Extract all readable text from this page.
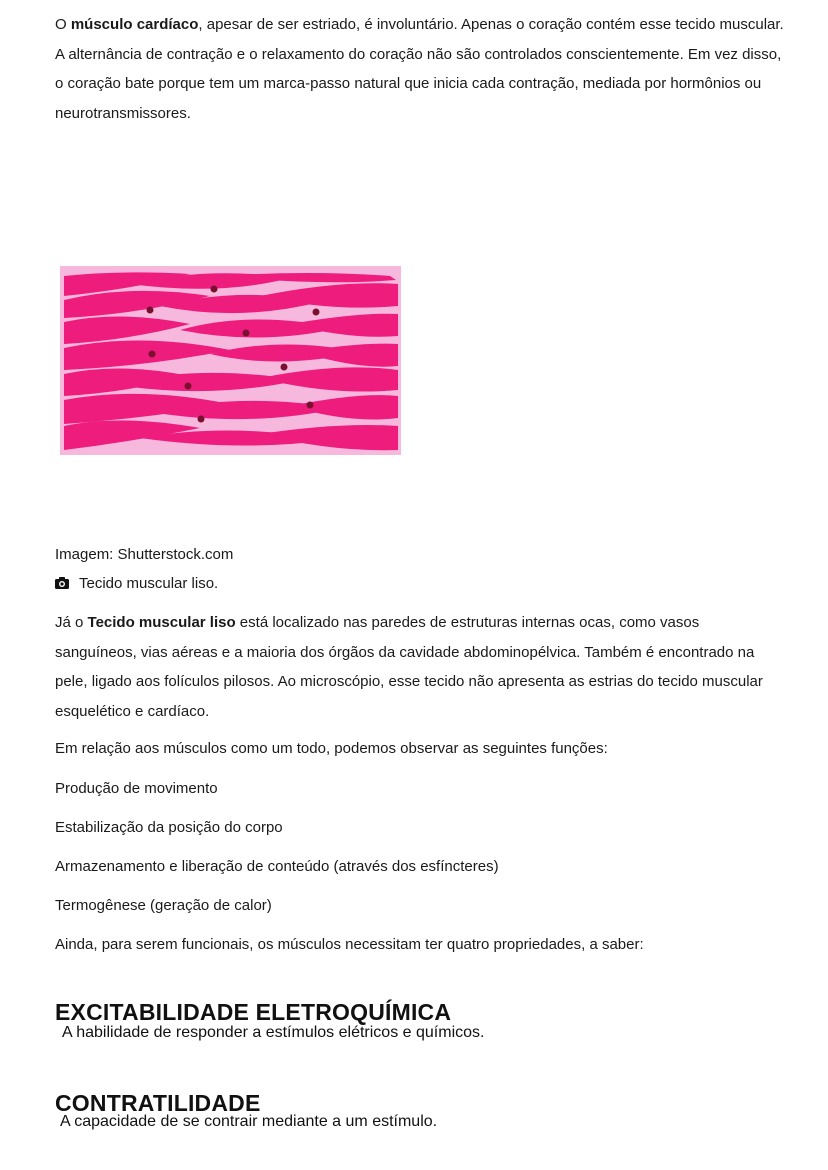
O músculo cardíaco, apesar de ser estriado, é involuntário. Apenas o coração contém esse tecido muscular. A alternância de contração e o relaxamento do coração não são controlados conscientemente. Em vez disso, o coração bate porque tem um marca-passo natural que inicia cada contração, mediada por hormônios ou neurotransmissores.

Imagem: Shutterstock.com
Tecido muscular liso.

Já o Tecido muscular liso está localizado nas paredes de estruturas internas ocas, como vasos sanguíneos, vias aéreas e a maioria dos órgãos da cavidade abdominopélvica. Também é encontrado na pele, ligado aos folículos pilosos. Ao microscópio, esse tecido não apresenta as estrias do tecido muscular esquelético e cardíaco.

Em relação aos músculos como um todo, podemos observar as seguintes funções:

Produção de movimento

Estabilização da posição do corpo

Armazenamento e liberação de conteúdo (através dos esfíncteres)

Termogênese (geração de calor)

Ainda, para serem funcionais, os músculos necessitam ter quatro propriedades, a saber:

EXCITABILIDADE ELETROQUÍMICA

A habilidade de responder a estímulos elétricos e químicos.

CONTRATILIDADE

A capacidade de se contrair mediante a um estímulo.
